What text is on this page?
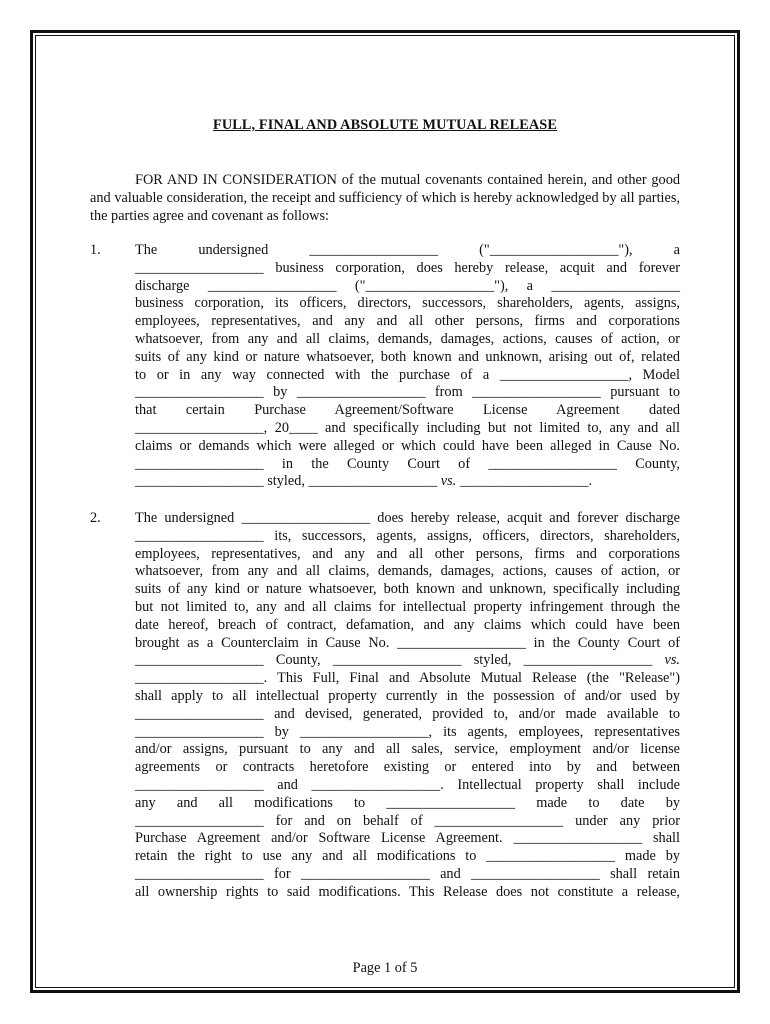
FULL, FINAL AND ABSOLUTE MUTUAL RELEASE
FOR AND IN CONSIDERATION of the mutual covenants contained herein, and other good and valuable consideration, the receipt and sufficiency of which is hereby acknowledged by all parties, the parties agree and covenant as follows:
1. The undersigned __________________ ("__________________"), a
__________________ business corporation, does hereby release, acquit and forever
discharge __________________ ("__________________"), a __________________
business corporation, its officers, directors, successors, shareholders, agents, assigns,
employees, representatives, and any and all other persons, firms and corporations
whatsoever, from any and all claims, demands, damages, actions, causes of action, or
suits of any kind or nature whatsoever, both known and unknown, arising out of, related
to or in any way connected with the purchase of a __________________, Model
__________________ by __________________ from __________________ pursuant to
that certain Purchase Agreement/Software License Agreement dated
__________________, 20____ and specifically including but not limited to, any and all
claims or demands which were alleged or which could have been alleged in Cause No.
__________________ in the County Court of __________________ County,
__________________ styled, __________________ vs. __________________.
2. The undersigned __________________ does hereby release, acquit and forever discharge
__________________ its, successors, agents, assigns, officers, directors, shareholders,
employees, representatives, and any and all other persons, firms and corporations
whatsoever, from any and all claims, demands, damages, actions, causes of action, or
suits of any kind or nature whatsoever, both known and unknown, specifically including
but not limited to, any and all claims for intellectual property infringement through the
date hereof, breach of contract, defamation, and any claims which could have been
brought as a Counterclaim in Cause No. __________________ in the County Court of
__________________ County, __________________ styled, __________________ vs.
__________________. This Full, Final and Absolute Mutual Release (the "Release")
shall apply to all intellectual property currently in the possession of and/or used by
__________________ and devised, generated, provided to, and/or made available to
__________________ by __________________, its agents, employees, representatives
and/or assigns, pursuant to any and all sales, service, employment and/or license
agreements or contracts heretofore existing or entered into by and between
__________________ and __________________. Intellectual property shall include
any and all modifications to __________________ made to date by
__________________ for and on behalf of __________________ under any prior
Purchase Agreement and/or Software License Agreement. __________________ shall
retain the right to use any and all modifications to __________________ made by
__________________ for __________________ and __________________ shall retain
all ownership rights to said modifications. This Release does not constitute a release,
Page 1 of 5
